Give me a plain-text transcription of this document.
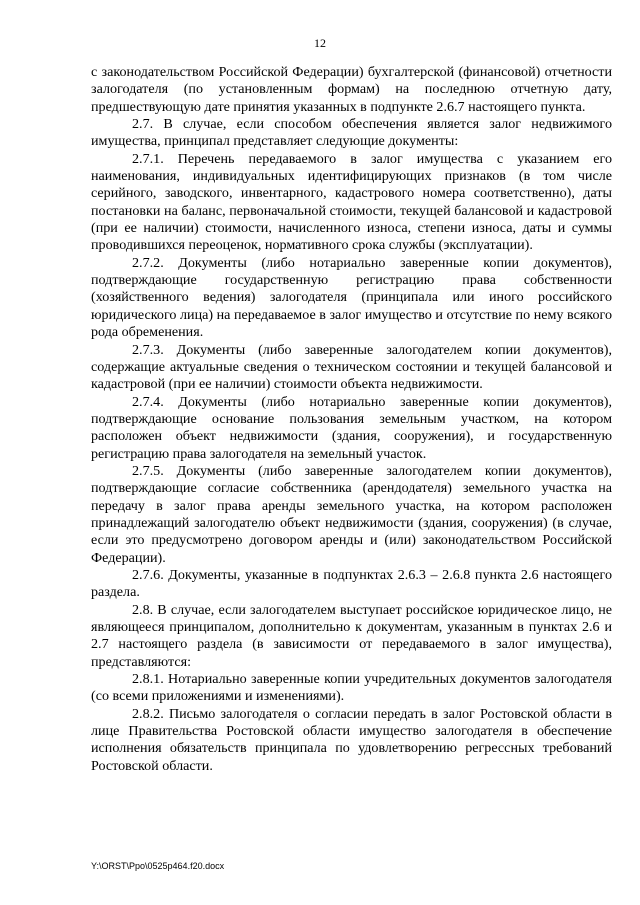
12

с законодательством Российской Федерации) бухгалтерской (финансовой) отчетности залогодателя (по установленным формам) на последнюю отчетную дату, предшествующую дате принятия указанных в подпункте 2.6.7 настоящего пункта.

2.7. В случае, если способом обеспечения является залог недвижимого имущества, принципал представляет следующие документы:

2.7.1. Перечень передаваемого в залог имущества с указанием его наименования, индивидуальных идентифицирующих признаков (в том числе серийного, заводского, инвентарного, кадастрового номера соответственно), даты постановки на баланс, первоначальной стоимости, текущей балансовой и кадастровой (при ее наличии) стоимости, начисленного износа, степени износа, даты и суммы проводившихся переоценок, нормативного срока службы (эксплуатации).

2.7.2. Документы (либо нотариально заверенные копии документов), подтверждающие государственную регистрацию права собственности (хозяйственного ведения) залогодателя (принципала или иного российского юридического лица) на передаваемое в залог имущество и отсутствие по нему всякого рода обременения.

2.7.3. Документы (либо заверенные залогодателем копии документов), содержащие актуальные сведения о техническом состоянии и текущей балансовой и кадастровой (при ее наличии) стоимости объекта недвижимости.

2.7.4. Документы (либо нотариально заверенные копии документов), подтверждающие основание пользования земельным участком, на котором расположен объект недвижимости (здания, сооружения), и государственную регистрацию права залогодателя на земельный участок.

2.7.5. Документы (либо заверенные залогодателем копии документов), подтверждающие согласие собственника (арендодателя) земельного участка на передачу в залог права аренды земельного участка, на котором расположен принадлежащий залогодателю объект недвижимости (здания, сооружения) (в случае, если это предусмотрено договором аренды и (или) законодательством Российской Федерации).

2.7.6. Документы, указанные в подпунктах 2.6.3 – 2.6.8 пункта 2.6 настоящего раздела.

2.8. В случае, если залогодателем выступает российское юридическое лицо, не являющееся принципалом, дополнительно к документам, указанным в пунктах 2.6 и 2.7 настоящего раздела (в зависимости от передаваемого в залог имущества), представляются:

2.8.1. Нотариально заверенные копии учредительных документов залогодателя (со всеми приложениями и изменениями).

2.8.2. Письмо залогодателя о согласии передать в залог Ростовской области в лице Правительства Ростовской области имущество залогодателя в обеспечение исполнения обязательств принципала по удовлетворению регрессных требований Ростовской области.

Y:\ORST\Ppo\0525p464.f20.docx
